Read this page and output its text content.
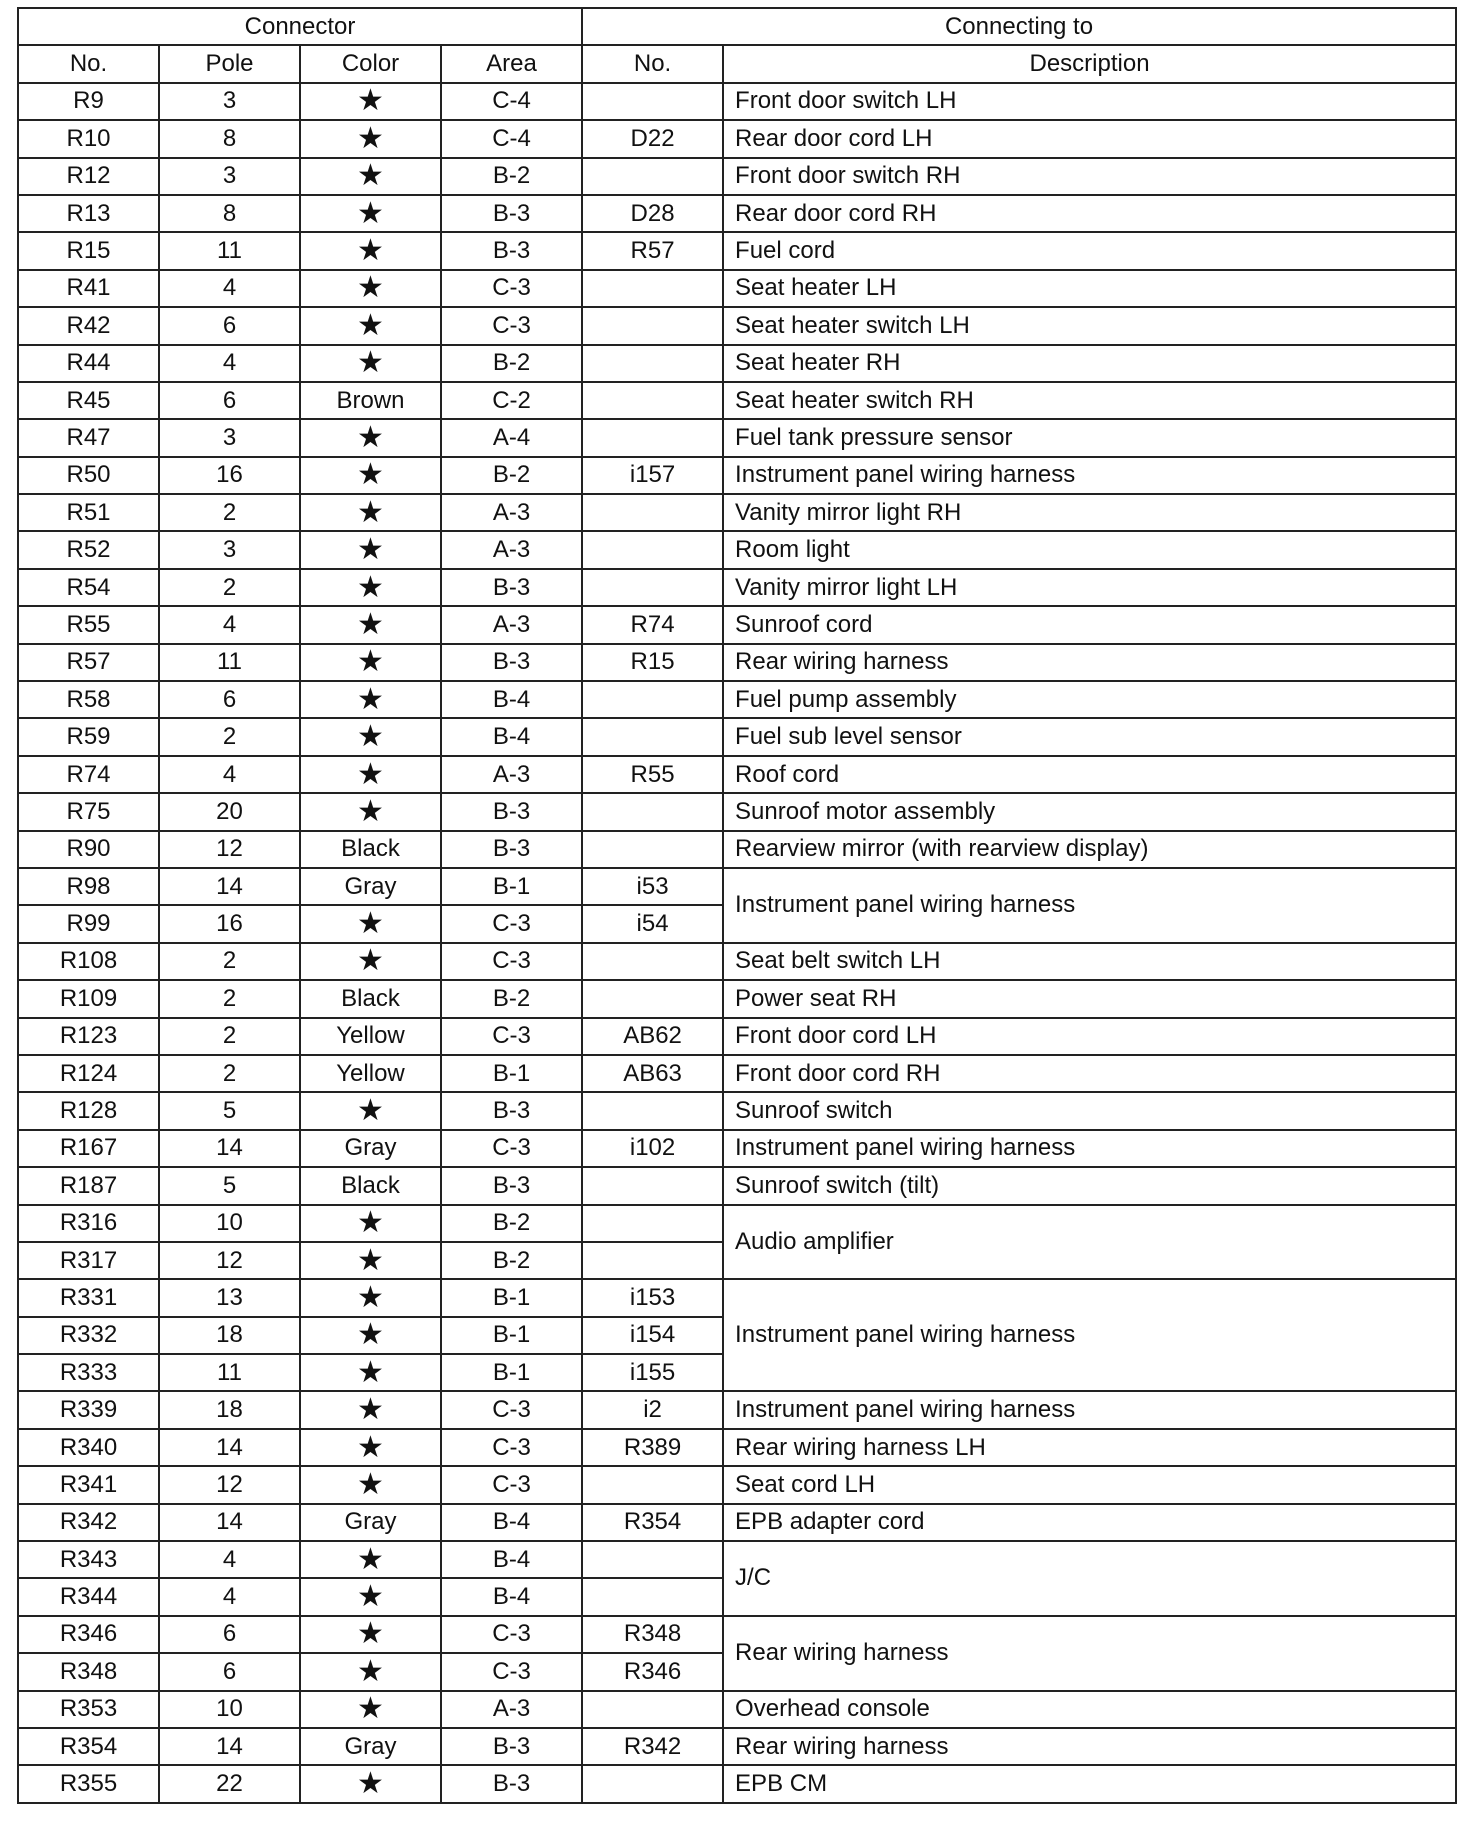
Connector				Connecting to	
No.	Pole	Color	Area	No.	Description
R9	3	★	C-4		Front door switch LH
R10	8	★	C-4	D22	Rear door cord LH
R12	3	★	B-2		Front door switch RH
R13	8	★	B-3	D28	Rear door cord RH
R15	11	★	B-3	R57	Fuel cord
R41	4	★	C-3		Seat heater LH
R42	6	★	C-3		Seat heater switch LH
R44	4	★	B-2		Seat heater RH
R45	6	Brown	C-2		Seat heater switch RH
R47	3	★	A-4		Fuel tank pressure sensor
R50	16	★	B-2	i157	Instrument panel wiring harness
R51	2	★	A-3		Vanity mirror light RH
R52	3	★	A-3		Room light
R54	2	★	B-3		Vanity mirror light LH
R55	4	★	A-3	R74	Sunroof cord
R57	11	★	B-3	R15	Rear wiring harness
R58	6	★	B-4		Fuel pump assembly
R59	2	★	B-4		Fuel sub level sensor
R74	4	★	A-3	R55	Roof cord
R75	20	★	B-3		Sunroof motor assembly
R90	12	Black	B-3		Rearview mirror (with rearview display)
R98	14	Gray	B-1	i53	Instrument panel wiring harness
R99	16	★	C-3	i54	
R108	2	★	C-3		Seat belt switch LH
R109	2	Black	B-2		Power seat RH
R123	2	Yellow	C-3	AB62	Front door cord LH
R124	2	Yellow	B-1	AB63	Front door cord RH
R128	5	★	B-3		Sunroof switch
R167	14	Gray	C-3	i102	Instrument panel wiring harness
R187	5	Black	B-3		Sunroof switch (tilt)
R316	10	★	B-2		Audio amplifier
R317	12	★	B-2		
R331	13	★	B-1	i153	Instrument panel wiring harness
R332	18	★	B-1	i154	
R333	11	★	B-1	i155	
R339	18	★	C-3	i2	Instrument panel wiring harness
R340	14	★	C-3	R389	Rear wiring harness LH
R341	12	★	C-3		Seat cord LH
R342	14	Gray	B-4	R354	EPB adapter cord
R343	4	★	B-4		J/C
R344	4	★	B-4		
R346	6	★	C-3	R348	Rear wiring harness
R348	6	★	C-3	R346	
R353	10	★	A-3		Overhead console
R354	14	Gray	B-3	R342	Rear wiring harness
R355	22	★	B-3		EPB CM
